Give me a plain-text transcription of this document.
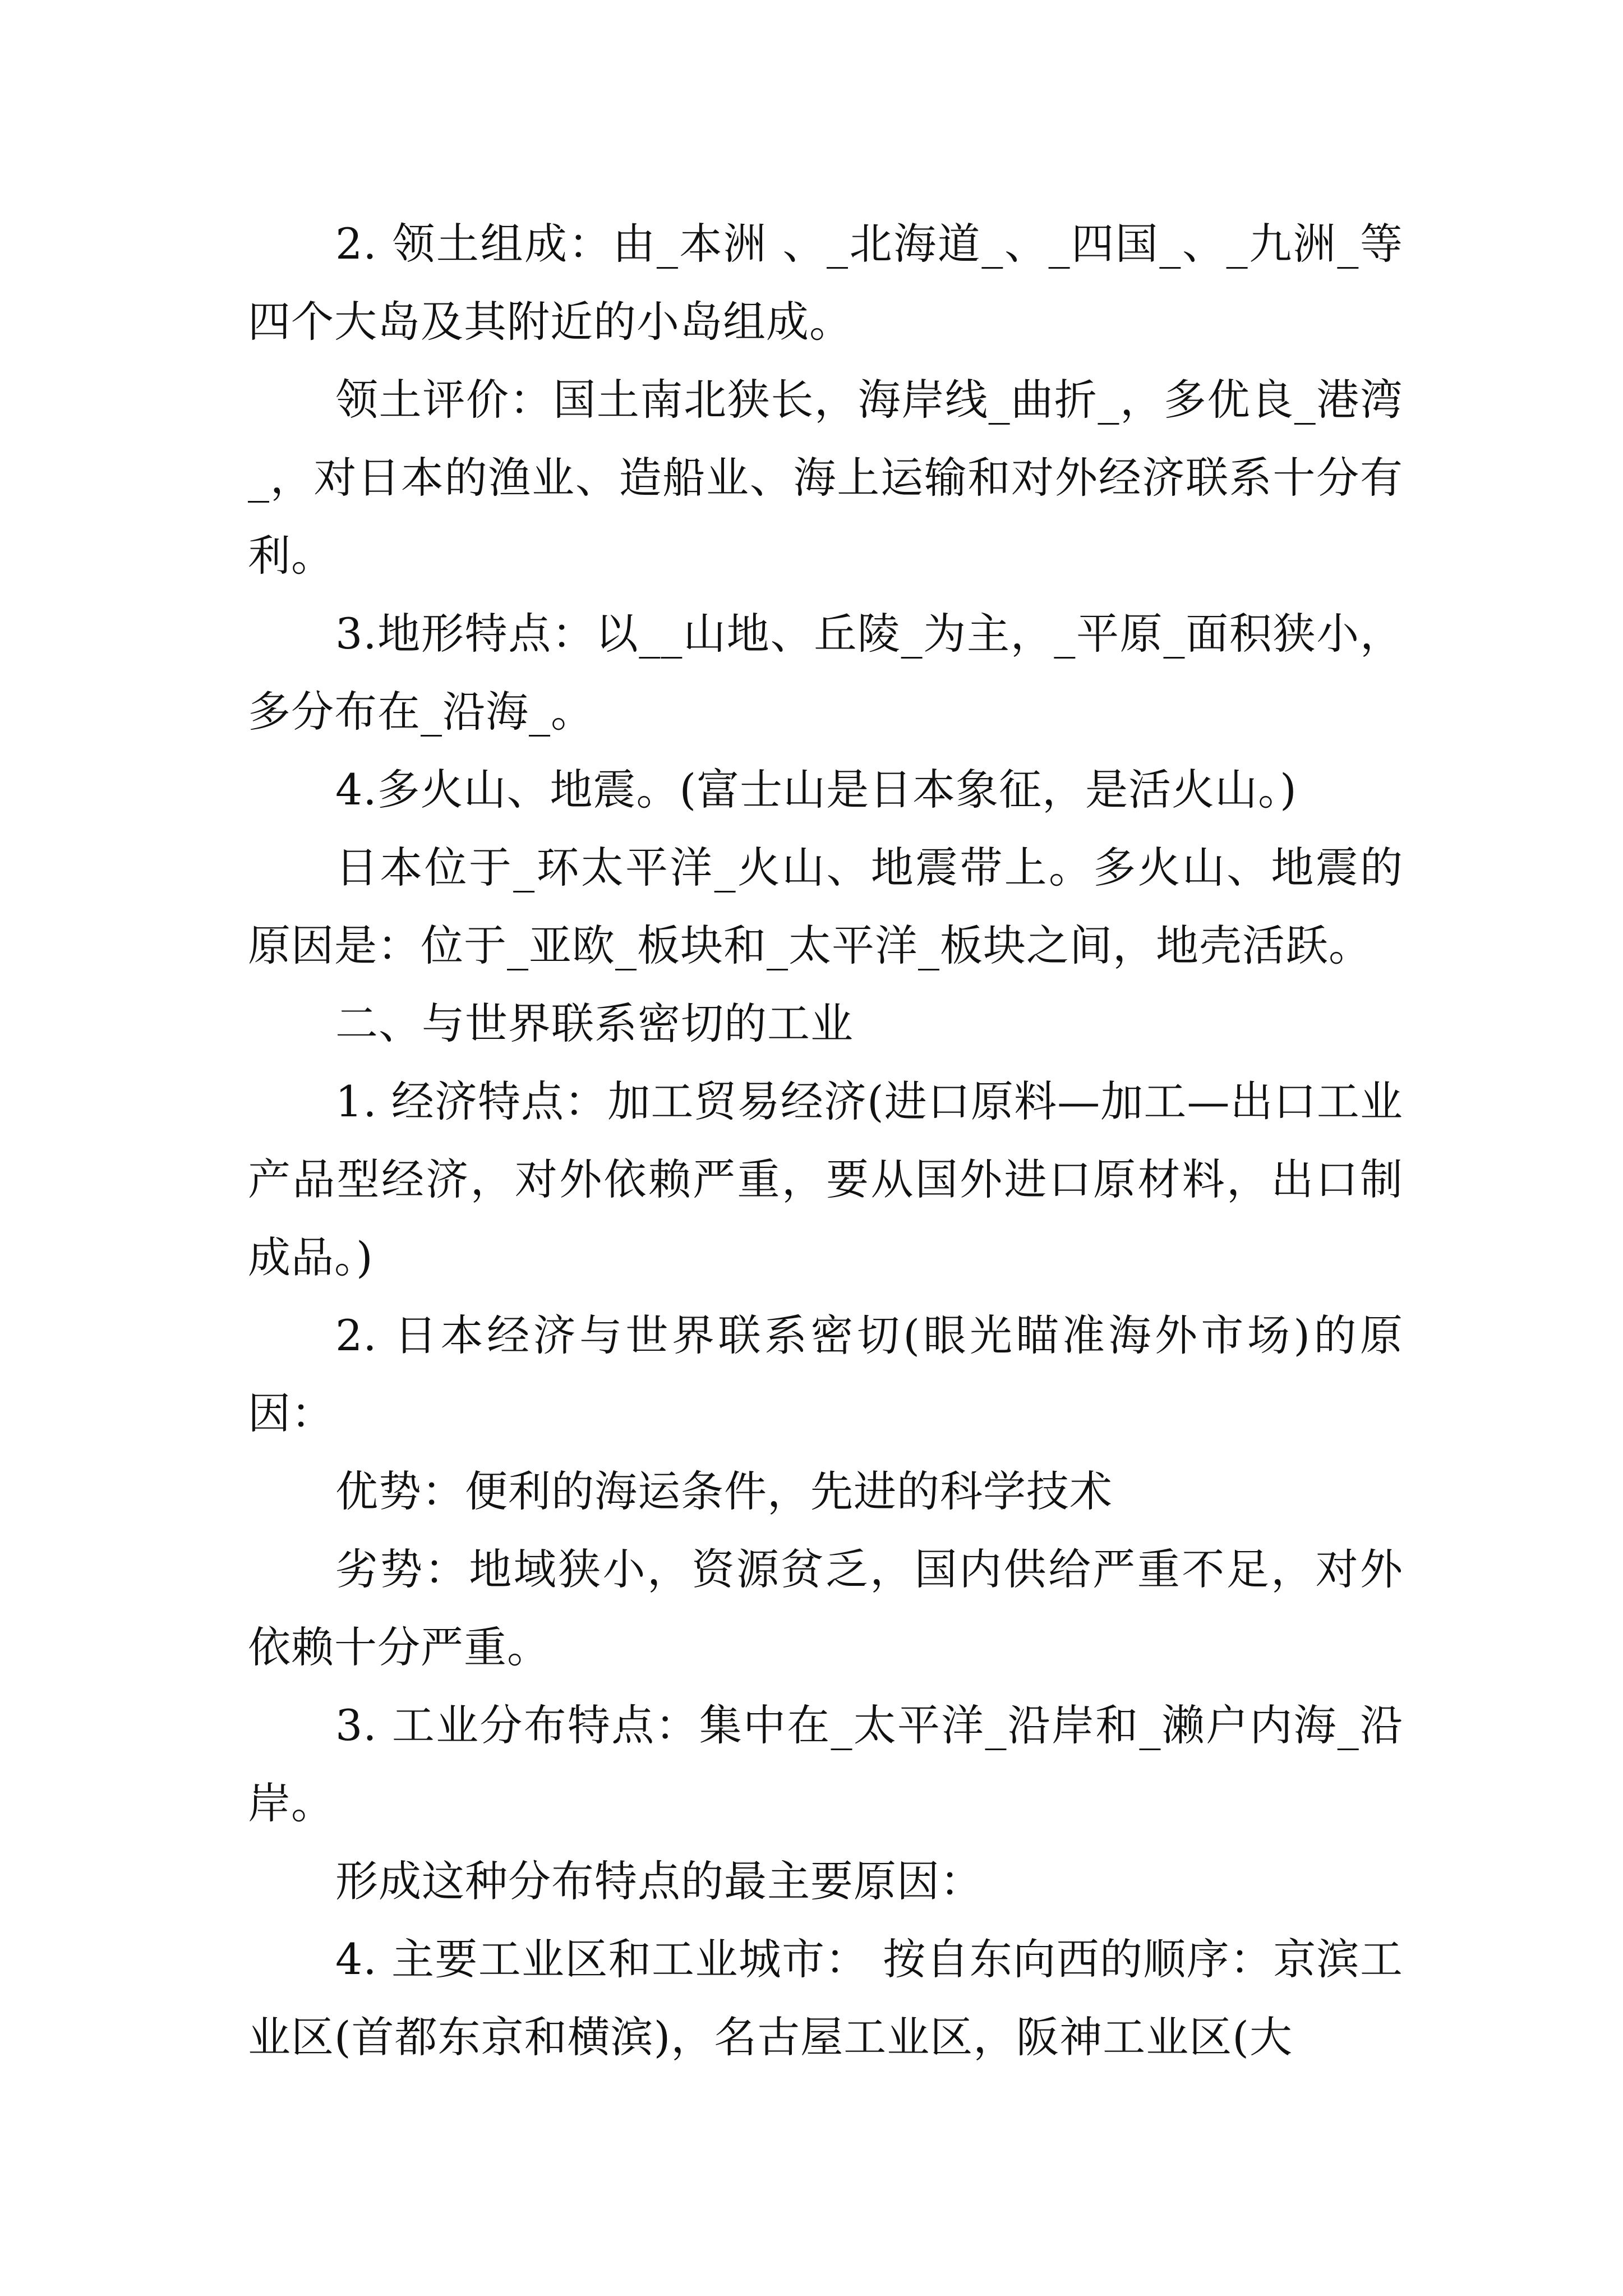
2. 领土组成：由_本洲 、_北海道_、_四国_、_九洲_等四个大岛及其附近的小岛组成。

领土评价：国土南北狭长，海岸线_曲折_，多优良_港湾_，对日本的渔业、造船业、海上运输和对外经济联系十分有利。

3.地形特点：以__山地、丘陵_为主，_平原_面积狭小，多分布在_沿海_。

4.多火山、地震。(富士山是日本象征，是活火山。)

日本位于_环太平洋_火山、地震带上。多火山、地震的原因是：位于_亚欧_板块和_太平洋_板块之间，地壳活跃。

二、与世界联系密切的工业

1. 经济特点：加工贸易经济(进口原料—加工—出口工业产品型经济，对外依赖严重，要从国外进口原材料，出口制成品。)

2. 日本经济与世界联系密切(眼光瞄准海外市场)的原因：

优势：便利的海运条件，先进的科学技术

劣势：地域狭小，资源贫乏，国内供给严重不足，对外依赖十分严重。

3. 工业分布特点：集中在_太平洋_沿岸和_濑户内海_沿岸。

形成这种分布特点的最主要原因：

4. 主要工业区和工业城市： 按自东向西的顺序：京滨工业区(首都东京和横滨)，名古屋工业区，阪神工业区(大
